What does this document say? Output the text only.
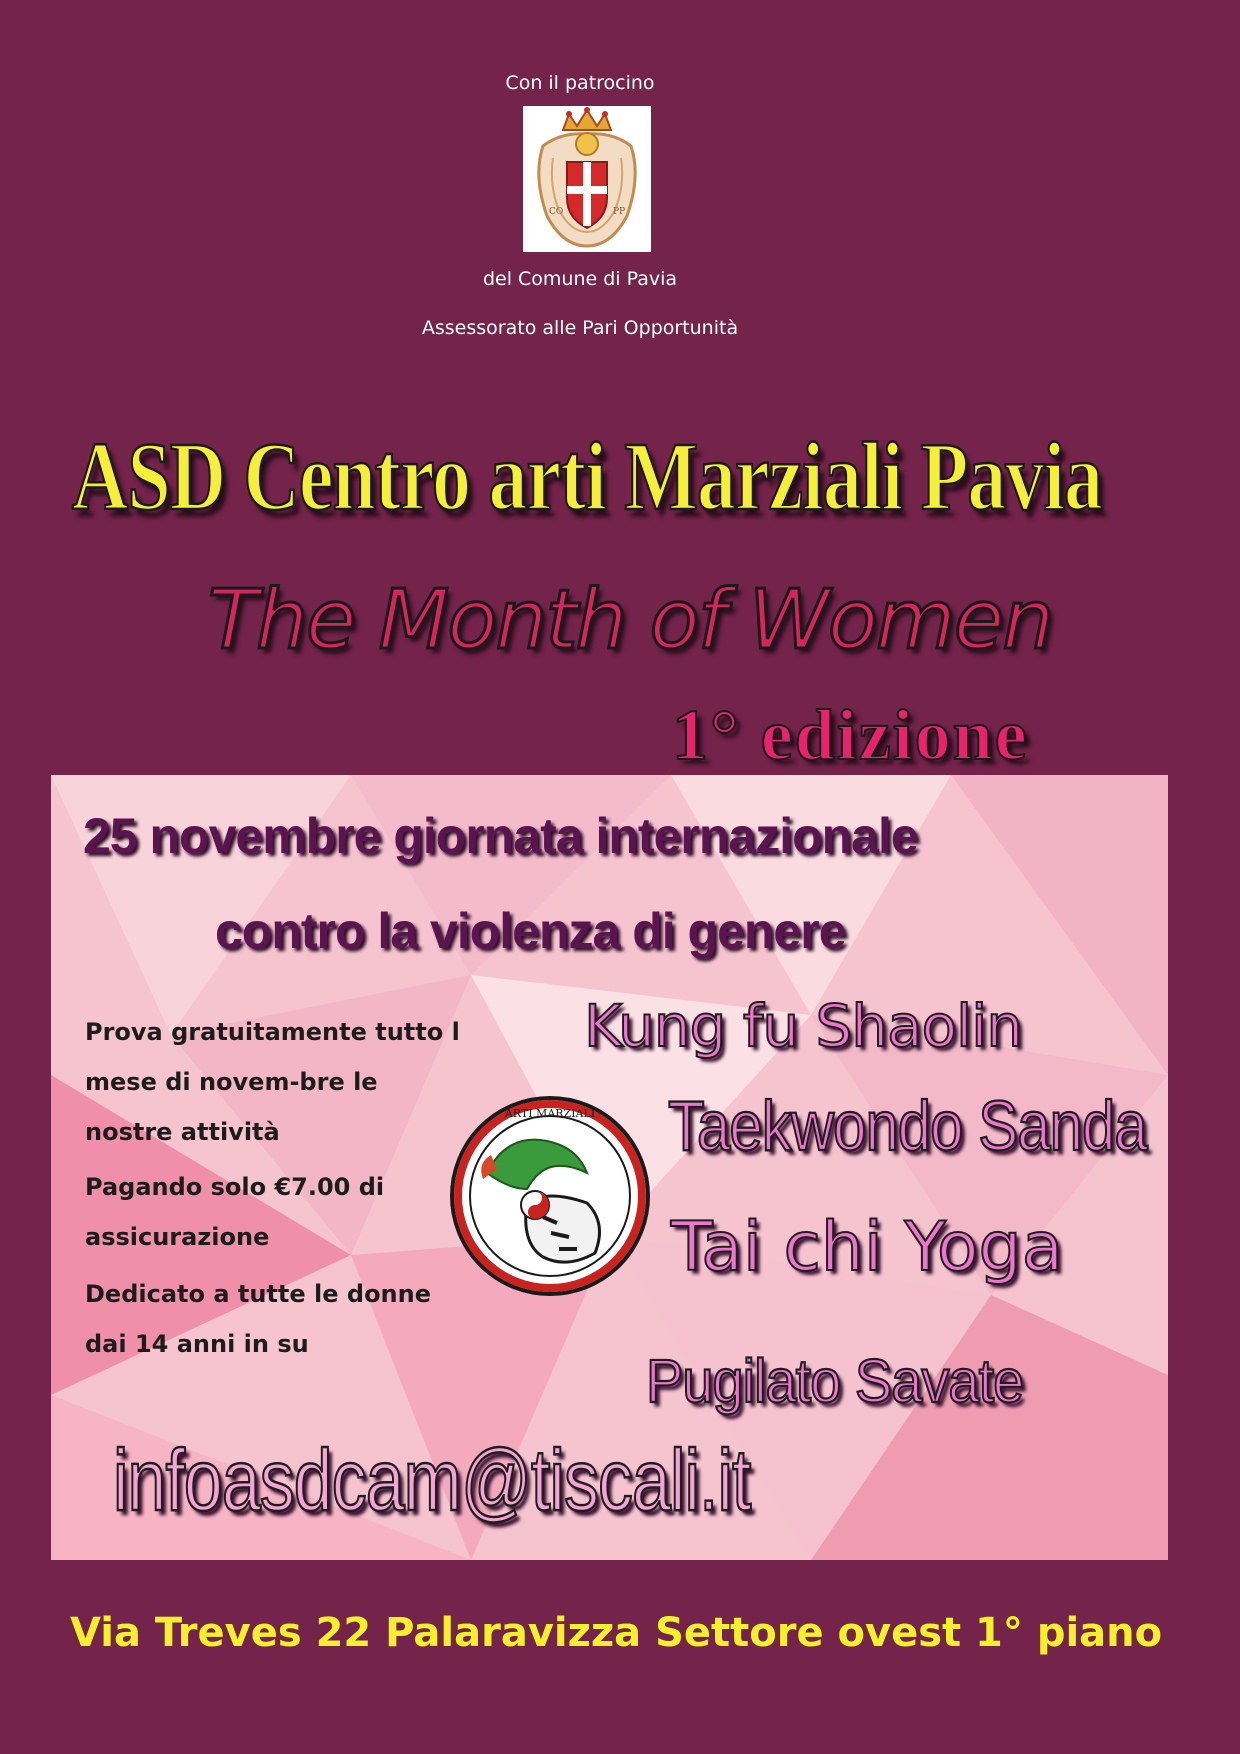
Con il patrocino
CO	PP
del Comune di Pavia
Assessorato alle Pari Opportunità
ASD Centro arti Marziali Pavia
The Month of Women
1° edizione
25 novembre giornata internazionale
contro la violenza di genere
Prova gratuitamente tutto l mese di novem-bre le nostre attività
Pagando solo €7.00 di assicurazione
Dedicato a tutte le donne dai 14 anni in su
ARTI MARZIALI
Kung fu Shaolin
Taekwondo Sanda
Tai chi Yoga
Pugilato Savate
infoasdcam@tiscali.it
Via Treves 22 Palaravizza Settore ovest 1° piano
